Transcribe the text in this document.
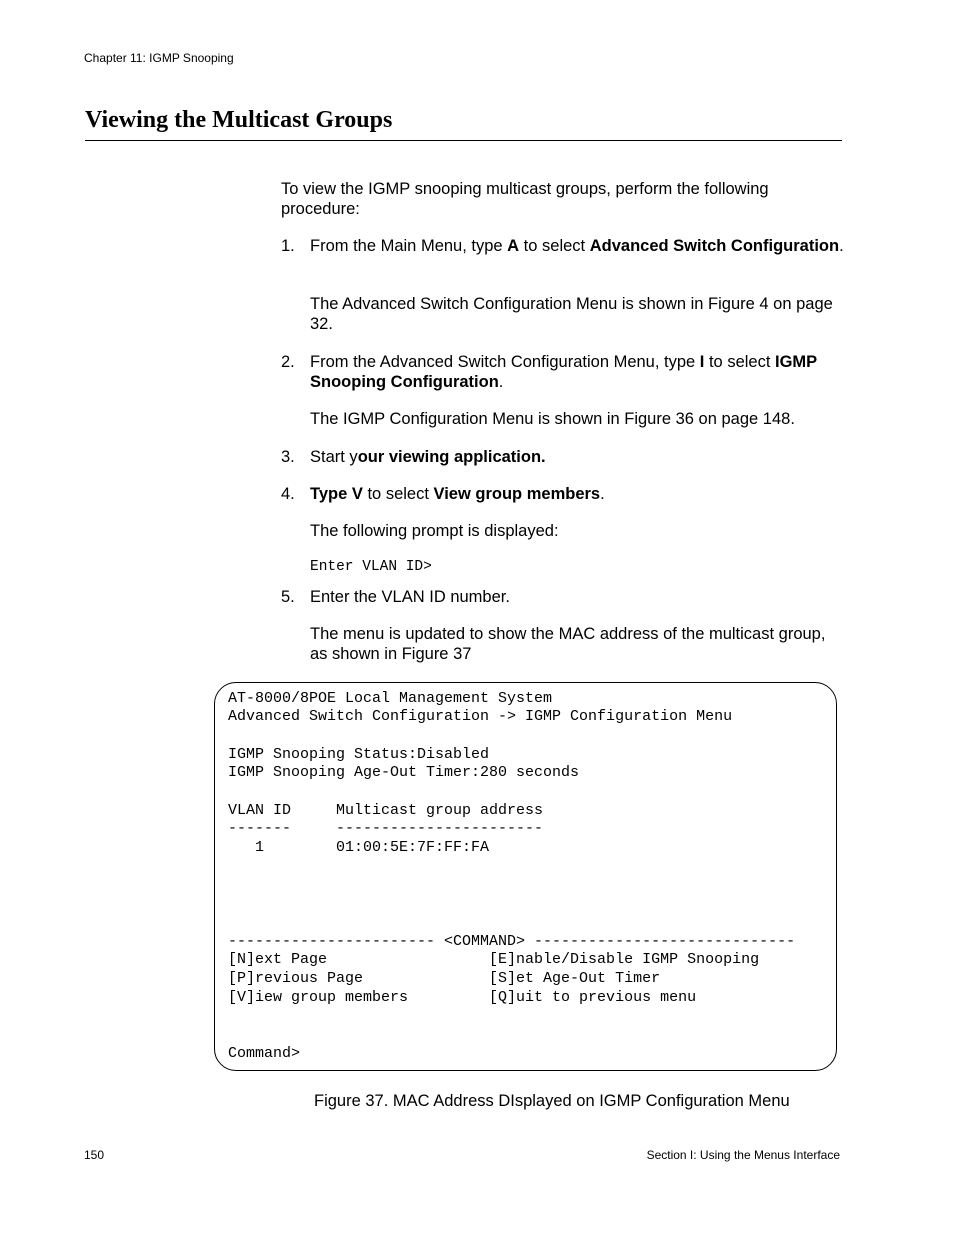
Chapter 11: IGMP Snooping
Viewing the Multicast Groups
To view the IGMP snooping multicast groups, perform the following procedure:
1. From the Main Menu, type A to select Advanced Switch Configuration.
The Advanced Switch Configuration Menu is shown in Figure 4 on page 32.
2. From the Advanced Switch Configuration Menu, type I to select IGMP Snooping Configuration.
The IGMP Configuration Menu is shown in Figure 36 on page 148.
3. Start your viewing application.
4. Type V to select View group members.
The following prompt is displayed:
Enter VLAN ID>
5. Enter the VLAN ID number.
The menu is updated to show the MAC address of the multicast group, as shown in Figure 37
AT-8000/8POE Local Management System
Advanced Switch Configuration -> IGMP Configuration Menu
IGMP Snooping Status:Disabled
IGMP Snooping Age-Out Timer:280 seconds
VLAN ID     Multicast group address
-------     -----------------------
1        01:00:5E:7F:FF:FA
----------------------- <COMMAND> -----------------------------
[N]ext Page                  [E]nable/Disable IGMP Snooping
[P]revious Page              [S]et Age-Out Timer
[V]iew group members         [Q]uit to previous menu
Command>
Figure 37. MAC Address DIsplayed on IGMP Configuration Menu
150	Section I: Using the Menus Interface
